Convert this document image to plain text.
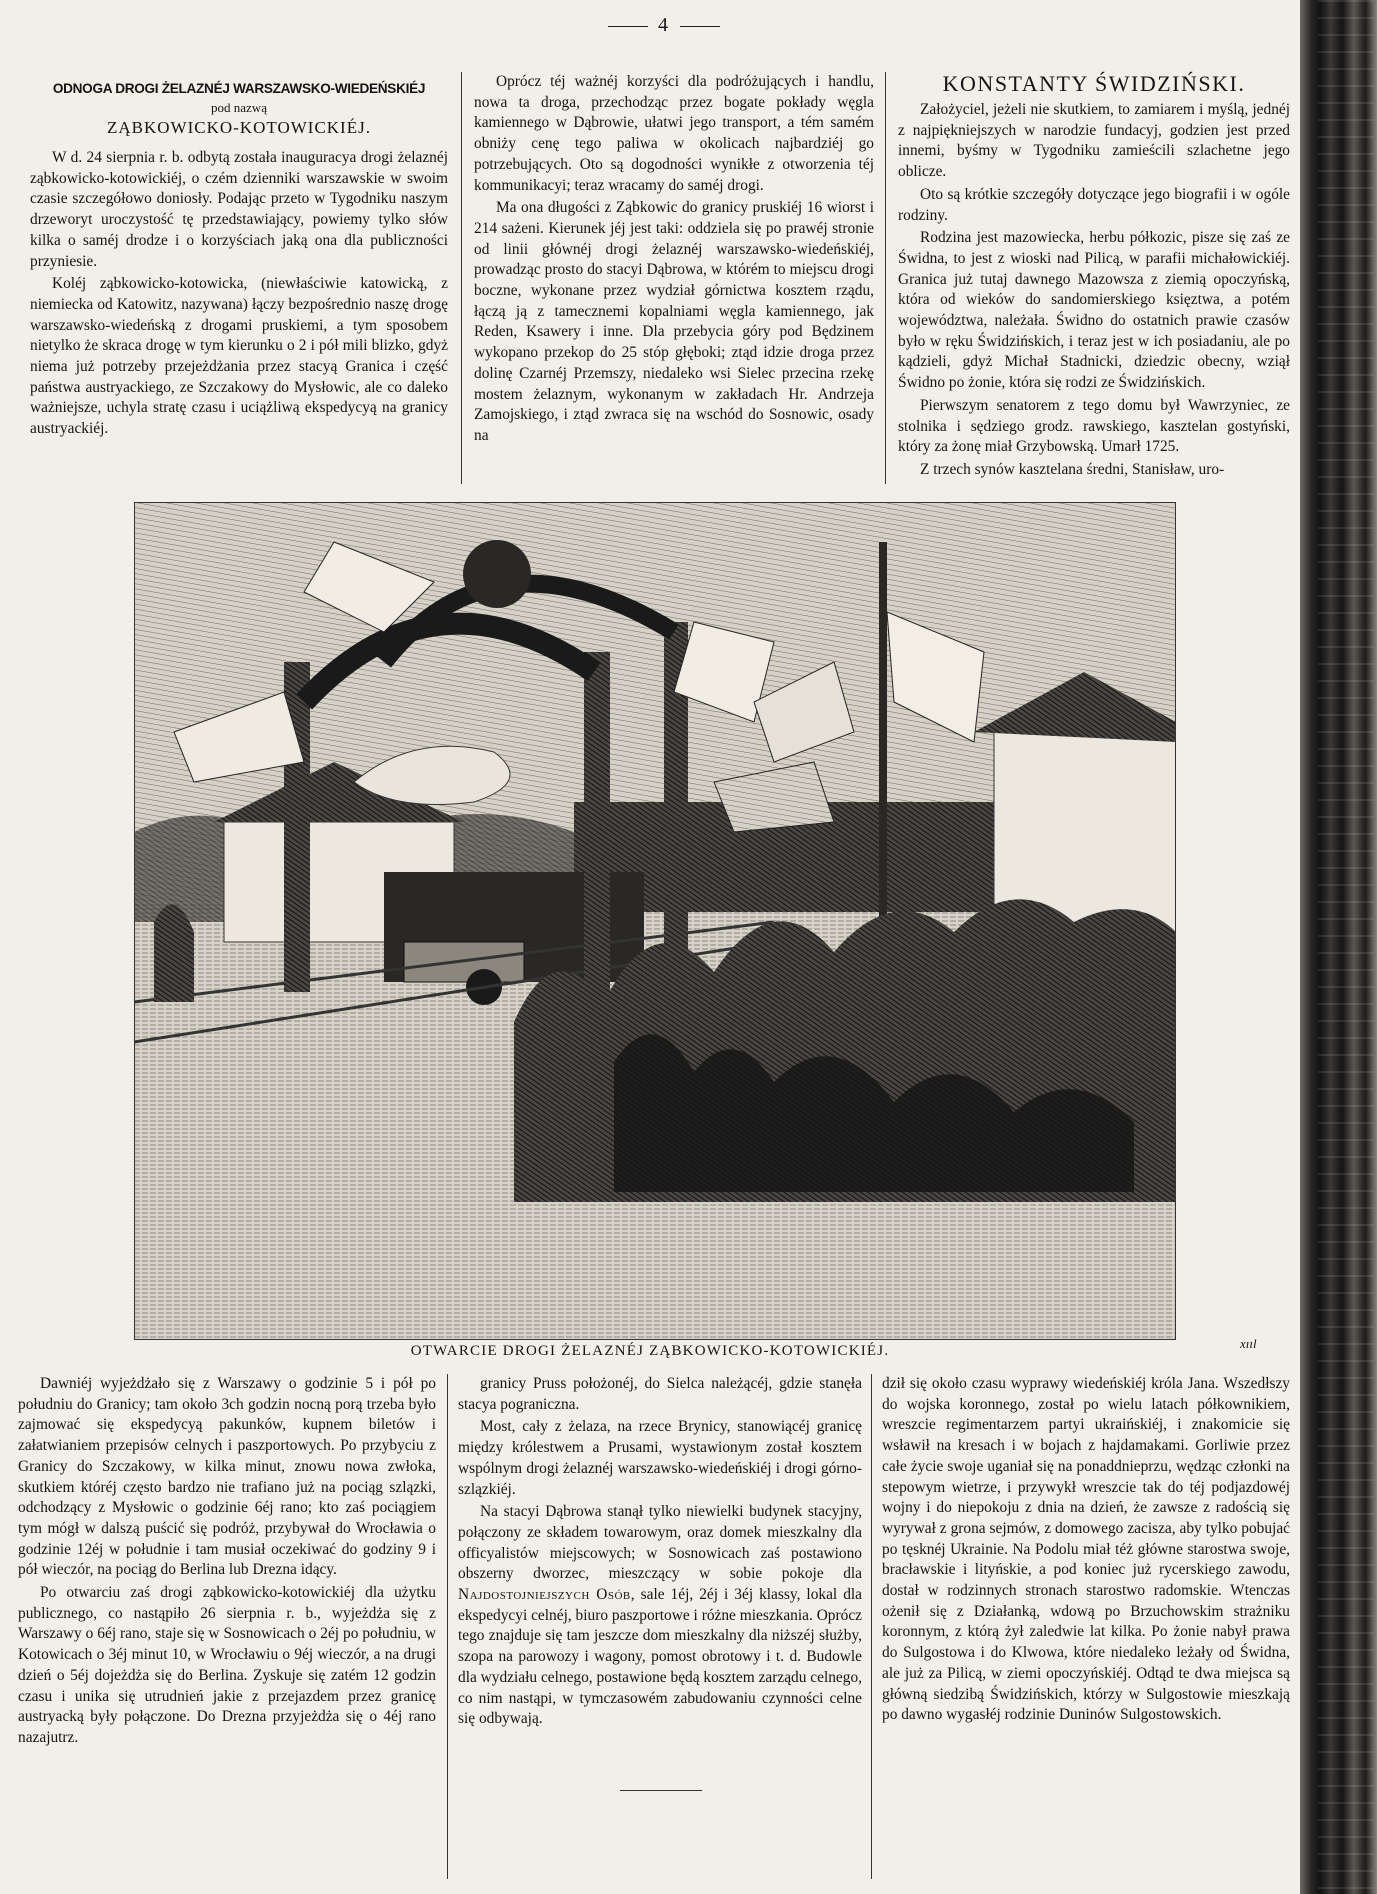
4
ODNOGA DROGI ŻELAZNÉJ WARSZAWSKO-WIEDEŃSKIÉJ
pod nazwą
ZĄBKOWICKO-KOTOWICKIÉJ.

W d. 24 sierpnia r. b. odbytą została inauguracya drogi żelaznéj ząbkowicko-kotowickiéj, o czém dzienniki warszawskie w swoim czasie szczegółowo doniosły. Podając przeto w Tygodniku naszym drzeworyt uroczystość tę przedstawiający, powiemy tylko słów kilka o saméj drodze i o korzyściach jaką ona dla publiczności przyniesie.

Koléj ząbkowicko-kotowicka, (niewłaściwie katowicką, z niemiecka od Katowitz, nazywana) łączy bezpośrednio naszę drogę warszawsko-wiedeńską z drogami pruskiemi, a tym sposobem nietylko że skraca drogę w tym kierunku o 2 i pół mili blizko, gdyż niema już potrzeby przejeżdżania przez stacyą Granica i część państwa austryackiego, ze Szczakowy do Mysłowic, ale co daleko ważniejsze, uchyla stratę czasu i uciążliwą ekspedycyą na granicy austryackiéj.

Oprócz téj ważnéj korzyści dla podróżujących i handlu, nowa ta droga, przechodząc przez bogate pokłady węgla kamiennego w Dąbrowie, ułatwi jego transport, a tém samém obniży cenę tego paliwa w okolicach najbardziéj go potrzebujących. Oto są dogodności wynikłe z otworzenia téj kommunikacyi; teraz wracamy do saméj drogi.

Ma ona długości z Ząbkowic do granicy pruskiéj 16 wiorst i 214 sażeni. Kierunek jéj jest taki: oddziela się po prawéj stronie od linii głównéj drogi żelaznéj warszawsko-wiedeńskiéj, prowadząc prosto do stacyi Dąbrowa, w którém to miejscu drogi boczne, wykonane przez wydział górnictwa kosztem rządu, łączą ją z tamecznemi kopalniami węgla kamiennego, jak Reden, Ksawery i inne. Dla przebycia góry pod Będzinem wykopano przekop do 25 stóp głęboki; ztąd idzie droga przez dolinę Czarnéj Przemszy, niedaleko wsi Sielec przecina rzekę mostem żelaznym, wykonanym w zakładach Hr. Andrzeja Zamojskiego, i ztąd zwraca się na wschód do Sosnowic, osady na

KONSTANTY ŚWIDZIŃSKI.

Założyciel, jeżeli nie skutkiem, to zamiarem i myślą, jednéj z najpiękniejszych w narodzie fundacyj, godzien jest przed innemi, byśmy w Tygodniku zamieścili szlachetne jego oblicze.

Oto są krótkie szczegóły dotyczące jego biografii i w ogóle rodziny.

Rodzina jest mazowiecka, herbu półkozic, pisze się zaś ze Świdna, to jest z wioski nad Pilicą, w parafii michałowickiéj. Granica już tutaj dawnego Mazowsza z ziemią opoczyńską, która od wieków do sandomierskiego księztwa, a potém województwa, należała. Świdno do ostatnich prawie czasów było w ręku Świdzińskich, i teraz jest w ich posiadaniu, ale po kądzieli, gdyż Michał Stadnicki, dziedzic obecny, wziął Świdno po żonie, która się rodzi ze Świdzińskich.

Pierwszym senatorem z tego domu był Wawrzyniec, ze stolnika i sędziego grodz. rawskiego, kasztelan gostyński, który za żonę miał Grzybowską. Umarł 1725.

Z trzech synów kasztelana średni, Stanisław, uro-

OTWARCIE DROGI ŻELAZNÉJ ZĄBKOWICKO-KOTOWICKIÉJ.	xııl

Dawniéj wyjeżdżało się z Warszawy o godzinie 5 i pół po południu do Granicy; tam około 3ch godzin nocną porą trzeba było zajmować się ekspedycyą pakunków, kupnem biletów i załatwianiem przepisów celnych i paszportowych. Po przybyciu z Granicy do Szczakowy, w kilka minut, znowu nowa zwłoka, skutkiem któréj często bardzo nie trafiano już na pociąg szlązki, odchodzący z Mysłowic o godzinie 6éj rano; kto zaś pociągiem tym mógł w dalszą puścić się podróż, przybywał do Wrocławia o godzinie 12éj w południe i tam musiał oczekiwać do godziny 9 i pół wieczór, na pociąg do Berlina lub Drezna idący.

Po otwarciu zaś drogi ząbkowicko-kotowickiéj dla użytku publicznego, co nastąpiło 26 sierpnia r. b., wyjeżdża się z Warszawy o 6éj rano, staje się w Sosnowicach o 2éj po południu, w Kotowicach o 3éj minut 10, w Wrocławiu o 9éj wieczór, a na drugi dzień o 5éj dojeżdża się do Berlina. Zyskuje się zatém 12 godzin czasu i unika się utrudnień jakie z przejazdem przez granicę austryacką były połączone. Do Drezna przyjeżdża się o 4éj rano nazajutrz.

granicy Pruss położonéj, do Sielca należącéj, gdzie stanęła stacya pograniczna.

Most, cały z żelaza, na rzece Brynicy, stanowiącéj granicę między królestwem a Prusami, wystawionym został kosztem wspólnym drogi żelaznéj warszawsko-wiedeńskiéj i drogi górno-szlązkiéj.

Na stacyi Dąbrowa stanął tylko niewielki budynek stacyjny, połączony ze składem towarowym, oraz domek mieszkalny dla officyalistów miejscowych; w Sosnowicach zaś postawiono obszerny dworzec, mieszczący w sobie pokoje dla Najdostojniejszych Osób, sale 1éj, 2éj i 3éj klassy, lokal dla ekspedycyi celnéj, biuro paszportowe i różne mieszkania. Oprócz tego znajduje się tam jeszcze dom mieszkalny dla niższéj służby, szopa na parowozy i wagony, pomost obrotowy i t. d. Budowle dla wydziału celnego, postawione będą kosztem zarządu celnego, co nim nastąpi, w tymczasowém zabudowaniu czynności celne się odbywają.

dził się około czasu wyprawy wiedeńskiéj króla Jana. Wszedłszy do wojska koronnego, został po wielu latach półkownikiem, wreszcie regimentarzem partyi ukraińskiéj, i znakomicie się wsławił na kresach i w bojach z hajdamakami. Gorliwie przez całe życie swoje uganiał się na ponaddnieprzu, wędząc członki na stepowym wietrze, i przywykł wreszcie tak do téj podjazdowéj wojny i do niepokoju z dnia na dzień, że zawsze z radością się wyrywał z grona sejmów, z domowego zacisza, aby tylko pobujać po tęsknéj Ukrainie. Na Podolu miał téż główne starostwa swoje, bracławskie i lityńskie, a pod koniec już rycerskiego zawodu, dostał w rodzinnych stronach starostwo radomskie. Wtenczas ożenił się z Działanką, wdową po Brzuchowskim strażniku koronnym, z którą żył zaledwie lat kilka. Po żonie nabył prawa do Sulgostowa i do Klwowa, które niedaleko leżały od Świdna, ale już za Pilicą, w ziemi opoczyńskiéj. Odtąd te dwa miejsca są główną siedzibą Świdzińskich, którzy w Sulgostowie mieszkają po dawno wygasłéj rodzinie Duninów Sulgostowskich.
